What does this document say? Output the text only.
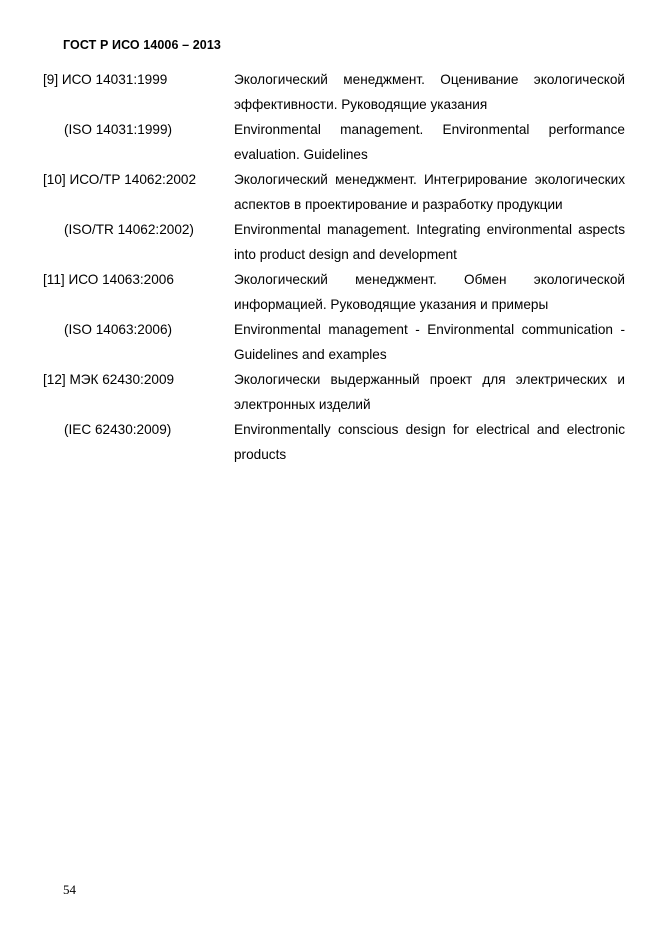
ГОСТ Р ИСО 14006 – 2013
[9] ИСО 14031:1999	Экологический менеджмент. Оценивание экологической эффективности. Руководящие указания
(ISO 14031:1999)	Environmental management. Environmental performance evaluation. Guidelines
[10] ИСО/ТР 14062:2002	Экологический менеджмент. Интегрирование экологических аспектов в проектирование и разработку продукции
(ISO/TR 14062:2002)	Environmental management. Integrating environmental aspects into product design and development
[11] ИСО 14063:2006	Экологический менеджмент. Обмен экологической информацией. Руководящие указания и примеры
(ISO 14063:2006)	Environmental management - Environmental communication - Guidelines and examples
[12] МЭК 62430:2009	Экологически выдержанный проект для электрических и электронных изделий
(IEC 62430:2009)	Environmentally conscious design for electrical and electronic products
54
